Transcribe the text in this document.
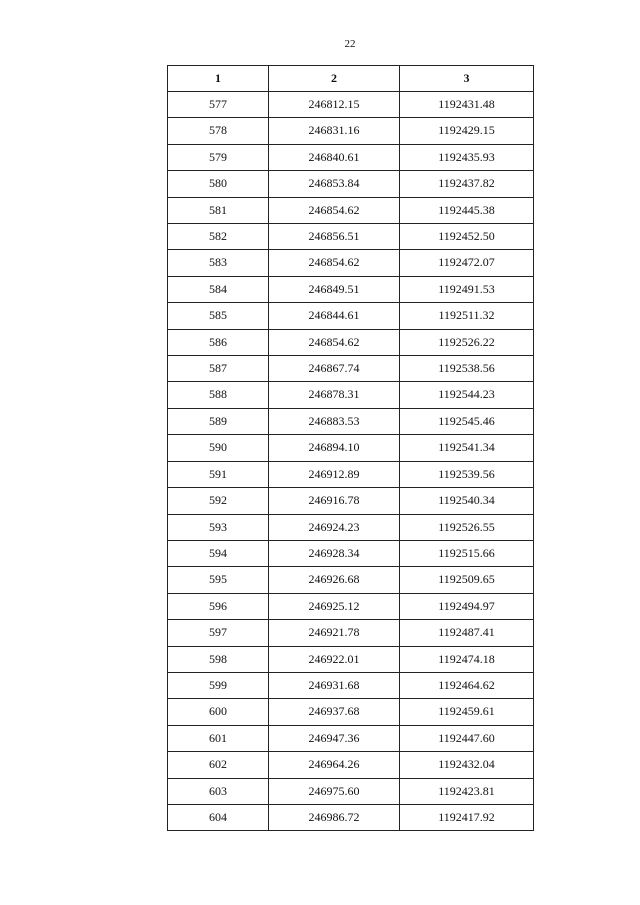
22
1	2	3
577	246812.15	1192431.48
578	246831.16	1192429.15
579	246840.61	1192435.93
580	246853.84	1192437.82
581	246854.62	1192445.38
582	246856.51	1192452.50
583	246854.62	1192472.07
584	246849.51	1192491.53
585	246844.61	1192511.32
586	246854.62	1192526.22
587	246867.74	1192538.56
588	246878.31	1192544.23
589	246883.53	1192545.46
590	246894.10	1192541.34
591	246912.89	1192539.56
592	246916.78	1192540.34
593	246924.23	1192526.55
594	246928.34	1192515.66
595	246926.68	1192509.65
596	246925.12	1192494.97
597	246921.78	1192487.41
598	246922.01	1192474.18
599	246931.68	1192464.62
600	246937.68	1192459.61
601	246947.36	1192447.60
602	246964.26	1192432.04
603	246975.60	1192423.81
604	246986.72	1192417.92
